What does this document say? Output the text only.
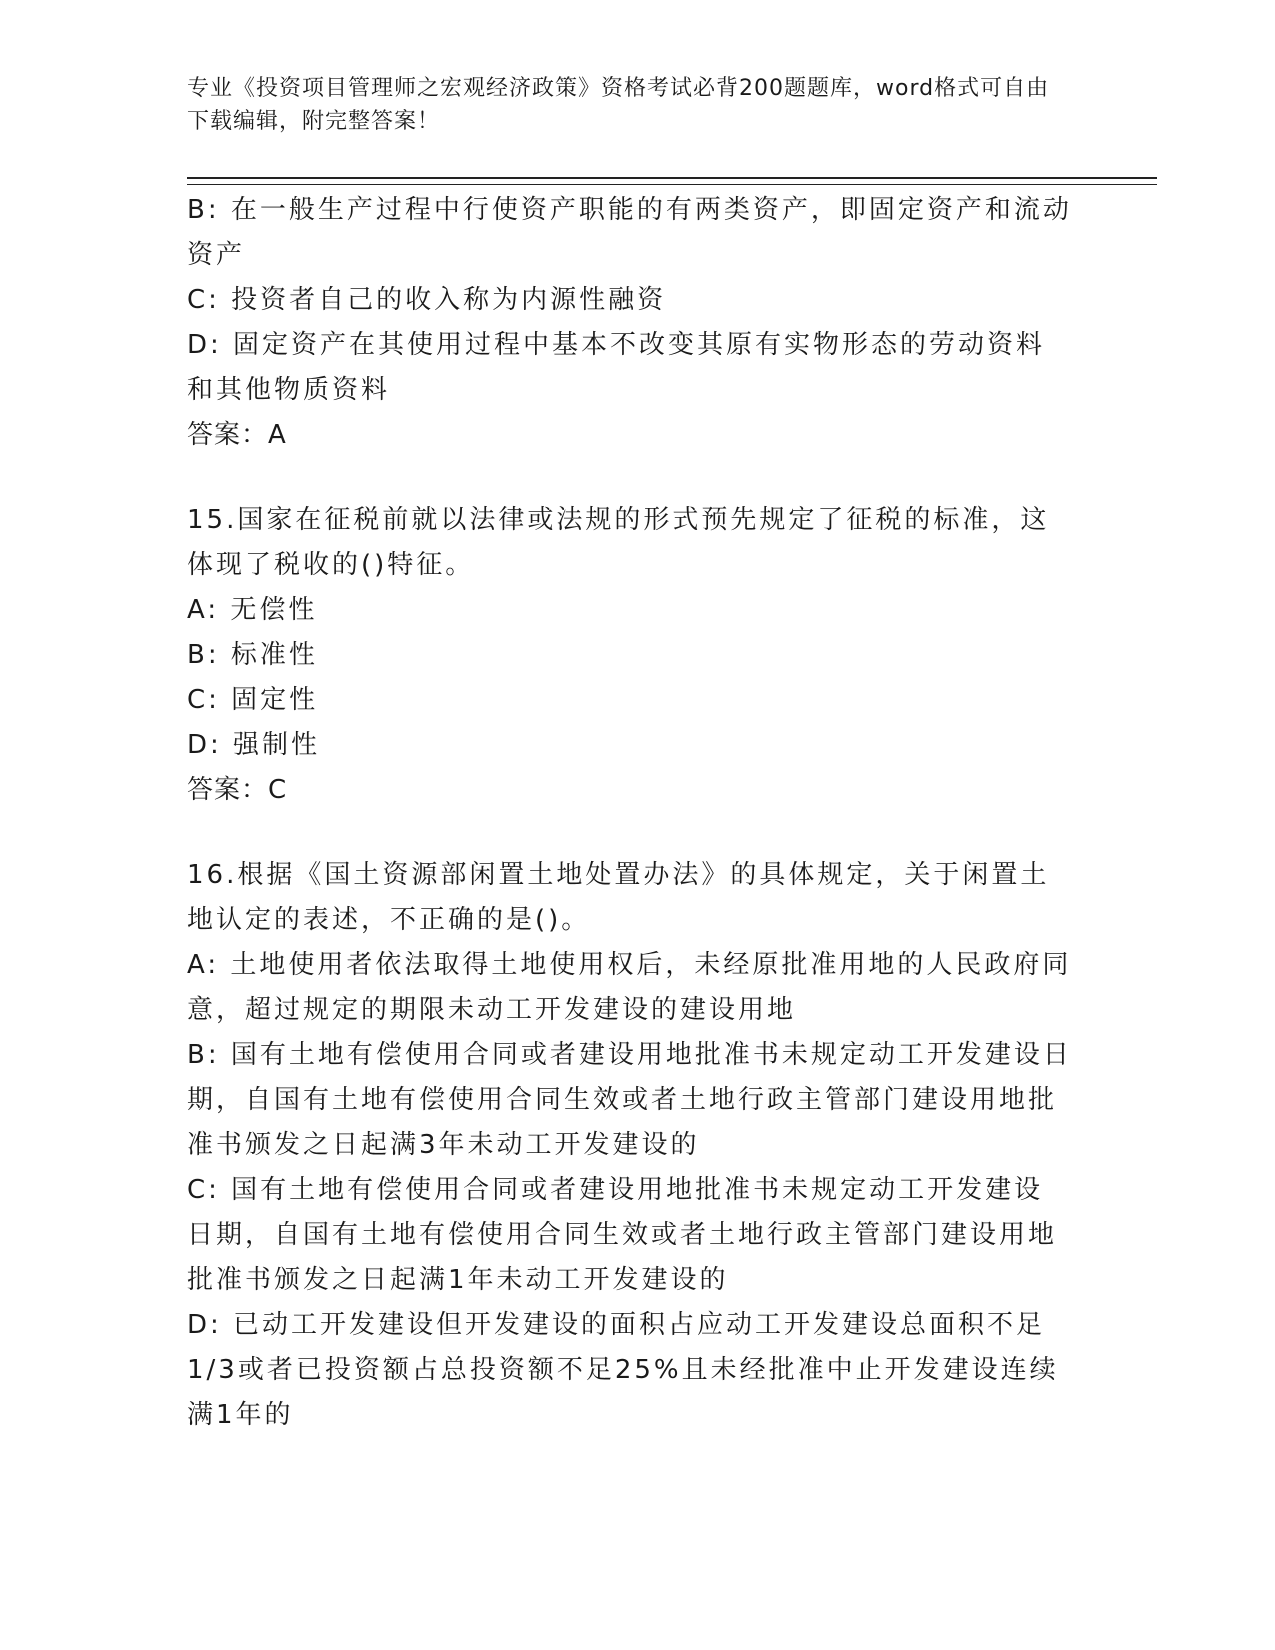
专业《投资项目管理师之宏观经济政策》资格考试必背200题题库，word格式可自由下载编辑，附完整答案！
B: 在一般生产过程中行使资产职能的有两类资产，即固定资产和流动资产
C: 投资者自己的收入称为内源性融资
D: 固定资产在其使用过程中基本不改变其原有实物形态的劳动资料和其他物质资料
答案：A
15.国家在征税前就以法律或法规的形式预先规定了征税的标准，这体现了税收的()特征。
A: 无偿性
B: 标准性
C: 固定性
D: 强制性
答案：C
16.根据《国土资源部闲置土地处置办法》的具体规定，关于闲置土地认定的表述，不正确的是()。
A: 土地使用者依法取得土地使用权后，未经原批准用地的人民政府同意，超过规定的期限未动工开发建设的建设用地
B: 国有土地有偿使用合同或者建设用地批准书未规定动工开发建设日期，自国有土地有偿使用合同生效或者土地行政主管部门建设用地批准书颁发之日起满3年未动工开发建设的
C: 国有土地有偿使用合同或者建设用地批准书未规定动工开发建设日期，自国有土地有偿使用合同生效或者土地行政主管部门建设用地批准书颁发之日起满1年未动工开发建设的
D: 已动工开发建设但开发建设的面积占应动工开发建设总面积不足1/3或者已投资额占总投资额不足25%且未经批准中止开发建设连续满1年的
